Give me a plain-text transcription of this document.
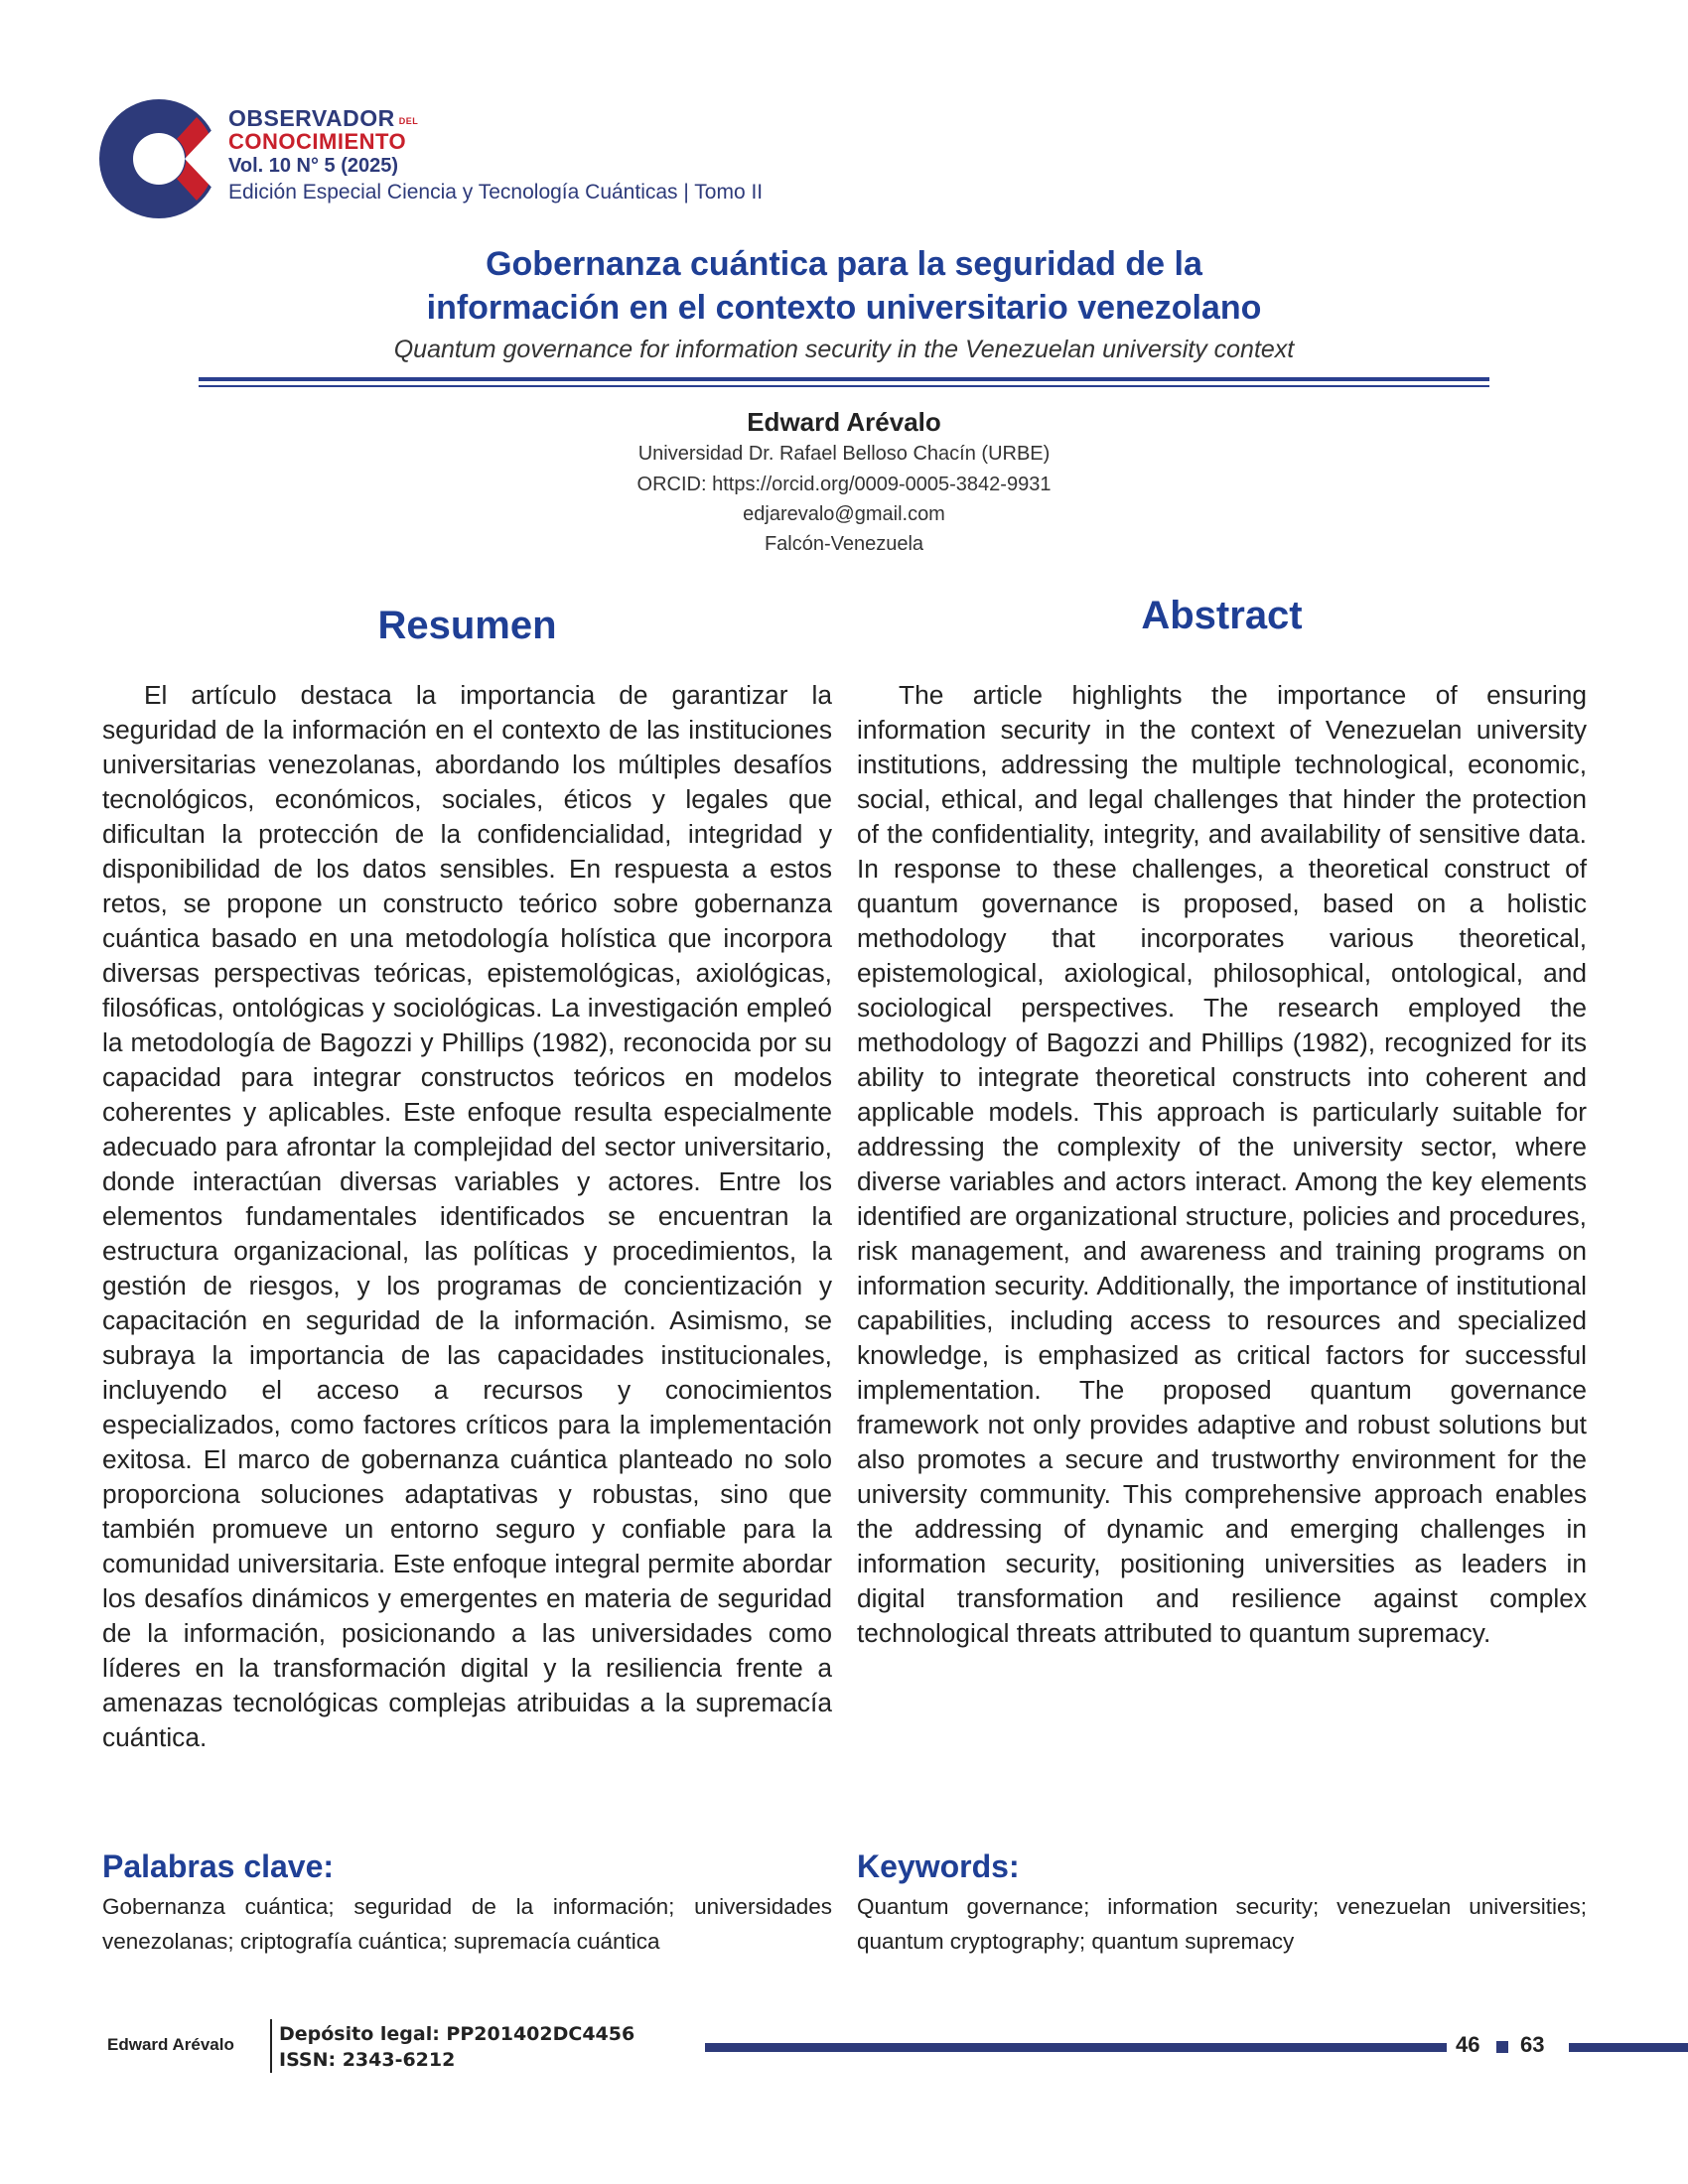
OBSERVADOR DEL
CONOCIMIENTO
Vol. 10 N° 5 (2025)
Edición Especial Ciencia y Tecnología Cuánticas | Tomo II
Gobernanza cuántica para la seguridad de la
información en el contexto universitario venezolano
Quantum governance for information security in the Venezuelan university context
Edward Arévalo
Universidad Dr. Rafael Belloso Chacín (URBE)
ORCID: https://orcid.org/0009-0005-3842-9931
edjarevalo@gmail.com
Falcón-Venezuela
Resumen	Abstract

El artículo destaca la importancia de garantizar la seguridad de la información en el contexto de las instituciones universitarias venezolanas, abordando los múltiples desafíos tecnológicos, económicos, sociales, éticos y legales que dificultan la protección de la confidencialidad, integridad y disponibilidad de los datos sensibles. En respuesta a estos retos, se propone un constructo teórico sobre gobernanza cuántica basado en una metodología holística que incorpora diversas perspectivas teóricas, epistemológicas, axiológicas, filosóficas, ontológicas y sociológicas. La investigación empleó la metodología de Bagozzi y Phillips (1982), reconocida por su capacidad para integrar constructos teóricos en modelos coherentes y aplicables. Este enfoque resulta especialmente adecuado para afrontar la complejidad del sector universitario, donde interactúan diversas variables y actores. Entre los elementos fundamentales identificados se encuentran la estructura organizacional, las políticas y procedimientos, la gestión de riesgos, y los programas de concientización y capacitación en seguridad de la información. Asimismo, se subraya la importancia de las capacidades institucionales, incluyendo el acceso a recursos y conocimientos especializados, como factores críticos para la implementación exitosa. El marco de gobernanza cuántica planteado no solo proporciona soluciones adaptativas y robustas, sino que también promueve un entorno seguro y confiable para la comunidad universitaria. Este enfoque integral permite abordar los desafíos dinámicos y emergentes en materia de seguridad de la información, posicionando a las universidades como líderes en la transformación digital y la resiliencia frente a amenazas tecnológicas complejas atribuidas a la supremacía cuántica.

The article highlights the importance of ensuring information security in the context of Venezuelan university institutions, addressing the multiple technological, economic, social, ethical, and legal challenges that hinder the protection of the confidentiality, integrity, and availability of sensitive data. In response to these challenges, a theoretical construct of quantum governance is proposed, based on a holistic methodology that incorporates various theoretical, epistemological, axiological, philosophical, ontological, and sociological perspectives. The research employed the methodology of Bagozzi and Phillips (1982), recognized for its ability to integrate theoretical constructs into coherent and applicable models. This approach is particularly suitable for addressing the complexity of the university sector, where diverse variables and actors interact. Among the key elements identified are organizational structure, policies and procedures, risk management, and awareness and training programs on information security. Additionally, the importance of institutional capabilities, including access to resources and specialized knowledge, is emphasized as critical factors for successful implementation. The proposed quantum governance framework not only provides adaptive and robust solutions but also promotes a secure and trustworthy environment for the university community. This comprehensive approach enables the addressing of dynamic and emerging challenges in information security, positioning universities as leaders in digital transformation and resilience against complex technological threats attributed to quantum supremacy.

Palabras clave:

Gobernanza cuántica; seguridad de la información; universidades venezolanas; criptografía cuántica; supremacía cuántica

Keywords:

Quantum governance; information security; venezuelan universities; quantum cryptography; quantum supremacy

Edward Arévalo Depósito legal: PP201402DC4456
ISSN: 2343-6212
46 63
